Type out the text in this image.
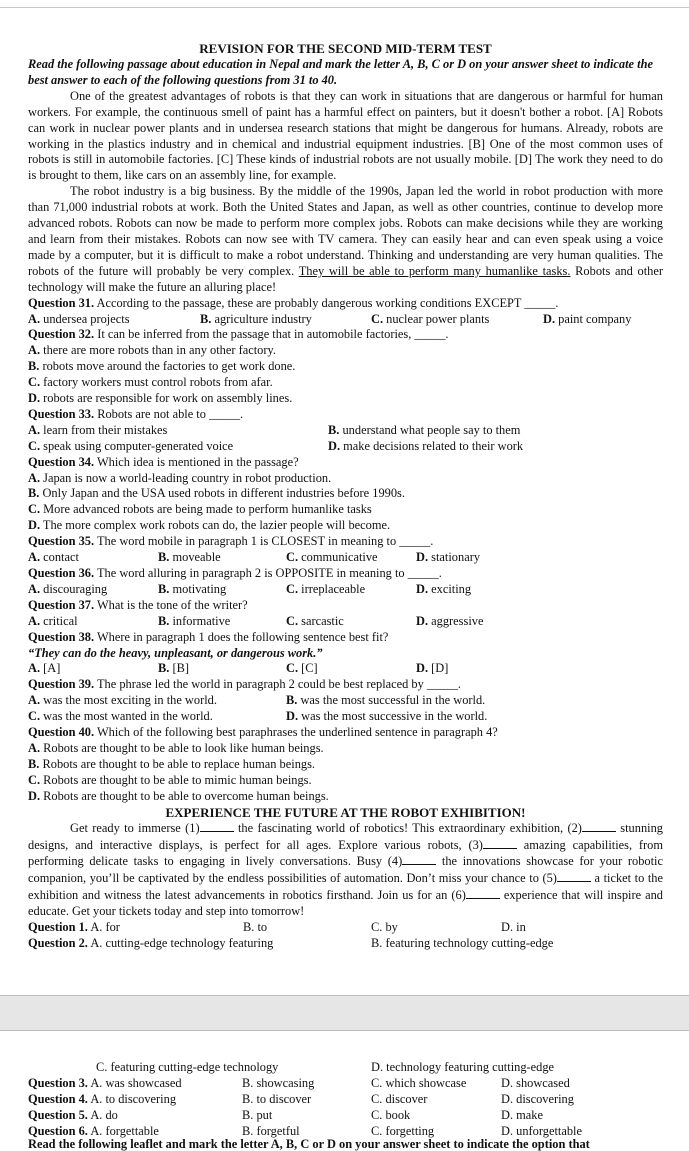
REVISION FOR THE SECOND MID-TERM TEST
Read the following passage about education in Nepal and mark the letter A, B, C or D on your answer sheet to indicate the best answer to each of the following questions from 31 to 40.
One of the greatest advantages of robots is that they can work in situations that are dangerous or harmful for human workers. For example, the continuous smell of paint has a harmful effect on painters, but it doesn't bother a robot. [A] Robots can work in nuclear power plants and in undersea research stations that might be dangerous for humans. Already, robots are working in the plastics industry and in chemical and industrial equipment industries. [B] One of the most common uses of robots is still in automobile factories. [C] These kinds of industrial robots are not usually mobile. [D] The work they need to do is brought to them, like cars on an assembly line, for example.
The robot industry is a big business. By the middle of the 1990s, Japan led the world in robot production with more than 71,000 industrial robots at work. Both the United States and Japan, as well as other countries, continue to develop more advanced robots. Robots can now be made to perform more complex jobs. Robots can make decisions while they are working and learn from their mistakes. Robots can now see with TV camera. They can easily hear and can even speak using a voice made by a computer, but it is difficult to make a robot understand. Thinking and understanding are very human qualities. The robots of the future will probably be very complex. They will be able to perform many humanlike tasks. Robots and other technology will make the future an alluring place!
Question 31. According to the passage, these are probably dangerous working conditions EXCEPT _____.
A. undersea projects	B. agriculture industry	C. nuclear power plants	D. paint company
Question 32. It can be inferred from the passage that in automobile factories, _____.
A. there are more robots than in any other factory.
B. robots move around the factories to get work done.
C. factory workers must control robots from afar.
D. robots are responsible for work on assembly lines.
Question 33. Robots are not able to _____.
A. learn from their mistakes	B. understand what people say to them
C. speak using computer-generated voice	D. make decisions related to their work
Question 34. Which idea is mentioned in the passage?
A. Japan is now a world-leading country in robot production.
B. Only Japan and the USA used robots in different industries before 1990s.
C. More advanced robots are being made to perform humanlike tasks
D. The more complex work robots can do, the lazier people will become.
Question 35. The word mobile in paragraph 1 is CLOSEST in meaning to _____.
A. contact	B. moveable	C. communicative	D. stationary
Question 36. The word alluring in paragraph 2 is OPPOSITE in meaning to _____.
A. discouraging	B. motivating	C. irreplaceable	D. exciting
Question 37. What is the tone of the writer?
A. critical	B. informative	C. sarcastic	D. aggressive
Question 38. Where in paragraph 1 does the following sentence best fit?
“They can do the heavy, unpleasant, or dangerous work.”
A. [A]	B. [B]	C. [C]	D. [D]
Question 39. The phrase led the world in paragraph 2 could be best replaced by _____.
A. was the most exciting in the world.	B. was the most successful in the world.
C. was the most wanted in the world.	D. was the most successive in the world.
Question 40. Which of the following best paraphrases the underlined sentence in paragraph 4?
A. Robots are thought to be able to look like human beings.
B. Robots are thought to be able to replace human beings.
C. Robots are thought to be able to mimic human beings.
D. Robots are thought to be able to overcome human beings.
EXPERIENCE THE FUTURE AT THE ROBOT EXHIBITION!
Get ready to immerse (1)	the fascinating world of robotics! This extraordinary exhibition, (2)	stunning designs, and interactive displays, is perfect for all ages. Explore various robots, (3)	amazing capabilities, from performing delicate tasks to engaging in lively conversations. Busy (4)	the innovations showcase for your robotic companion, you’ll be captivated by the endless possibilities of automation. Don’t miss your chance to (5)	a ticket to the exhibition and witness the latest advancements in robotics firsthand. Join us for an (6)	experience that will inspire and educate. Get your tickets today and step into tomorrow!
Question 1. A. for	B. to	C. by	D. in
Question 2. A. cutting-edge technology featuring	B. featuring technology cutting-edge
C. featuring cutting-edge technology	D. technology featuring cutting-edge
Question 3. A. was showcased	B. showcasing	C. which showcase	D. showcased
Question 4. A. to discovering	B. to discover	C. discover	D. discovering
Question 5. A. do	B. put	C. book	D. make
Question 6. A. forgettable	B. forgetful	C. forgetting	D. unforgettable
Read the following leaflet and mark the letter A, B, C or D on your answer sheet to indicate the option that
